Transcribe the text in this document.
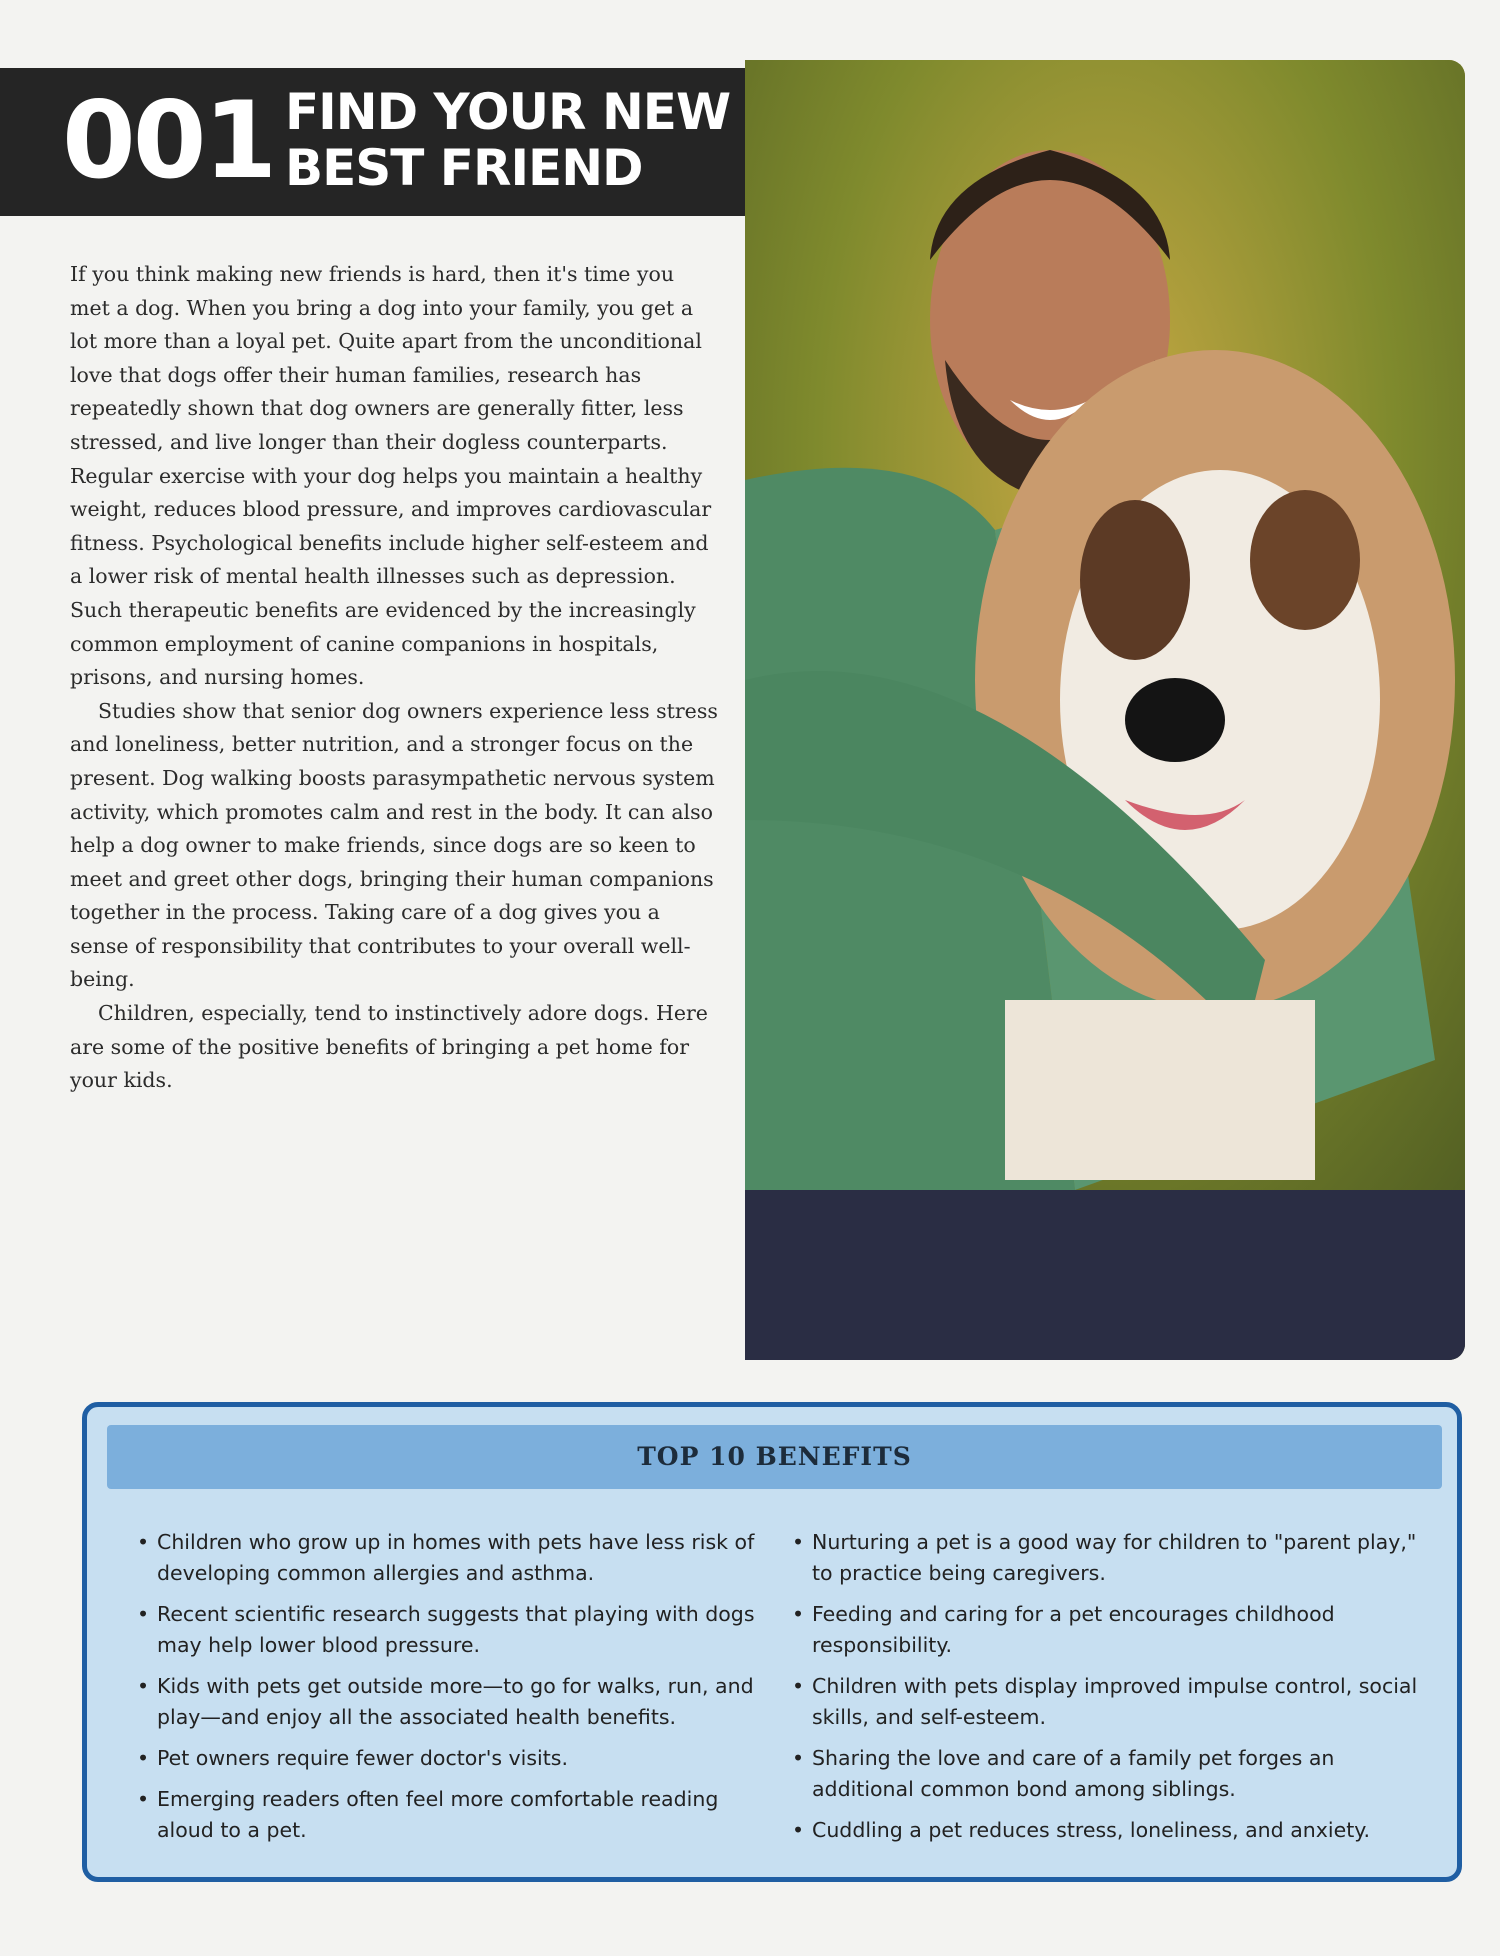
001 FIND YOUR NEW
BEST FRIEND

If you think making new friends is hard, then it's time you met a dog. When you bring a dog into your family, you get a lot more than a loyal pet. Quite apart from the unconditional love that dogs offer their human families, research has repeatedly shown that dog owners are generally fitter, less stressed, and live longer than their dogless counterparts. Regular exercise with your dog helps you maintain a healthy weight, reduces blood pressure, and improves cardiovascular fitness. Psychological benefits include higher self-esteem and a lower risk of mental health illnesses such as depression. Such therapeutic benefits are evidenced by the increasingly common employment of canine companions in hospitals, prisons, and nursing homes.

Studies show that senior dog owners experience less stress and loneliness, better nutrition, and a stronger focus on the present. Dog walking boosts parasympathetic nervous system activity, which promotes calm and rest in the body. It can also help a dog owner to make friends, since dogs are so keen to meet and greet other dogs, bringing their human companions together in the process. Taking care of a dog gives you a sense of responsibility that contributes to your overall well-being.

Children, especially, tend to instinctively adore dogs. Here are some of the positive benefits of bringing a pet home for your kids.

TOP 10 BENEFITS
• Children who grow up in homes with pets have less risk of developing common allergies and asthma.
• Recent scientific research suggests that playing with dogs may help lower blood pressure.
• Kids with pets get outside more—to go for walks, run, and play—and enjoy all the associated health benefits.
• Pet owners require fewer doctor's visits.
• Emerging readers often feel more comfortable reading aloud to a pet.
• Nurturing a pet is a good way for children to "parent play," to practice being caregivers.
• Feeding and caring for a pet encourages childhood responsibility.
• Children with pets display improved impulse control, social skills, and self-esteem.
• Sharing the love and care of a family pet forges an additional common bond among siblings.
• Cuddling a pet reduces stress, loneliness, and anxiety.
